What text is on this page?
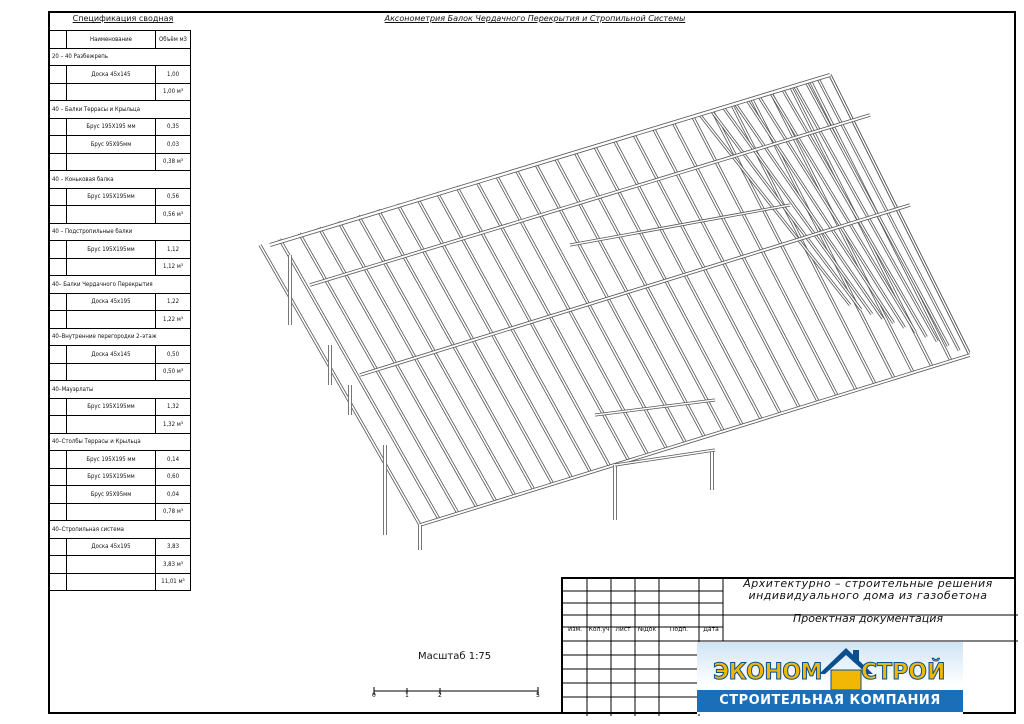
Спецификация сводная	Аксонометрия Балок Чердачного Перекрытия и Стропильной Системы
	Наименование	Объём м3
20 – 40 Разбежрепь		
	Доска 45х145	1,00
		1,00 м³
40 – Балки Террасы и Крыльца		
	Брус 195Х195 мм	0,35
	Брус 95Х95мм	0,03
		0,38 м³
40 – Коньковая балка		
	Брус 195Х195мм	0,56
		0,56 м³
40 – Подстропильные балки		
	Брус 195Х195мм	1,12
		1,12 м³
40– Балки Чердачного Перекрытия		
	Доска 45х195	1,22
		1,22 м³
40–Внутренние перегородки 2–этаж		
	Доска 45х145	0,50
		0,50 м³
40–Мауэрлаты		
	Брус 195Х195мм	1,32
		1,32 м³
40–Столбы Террасы и Крыльца		
	Брус 195Х195 мм	0,14
	Брус 195Х195мм	0,60
	Брус 95Х95мм	0,04
		0,78 м³
40–Стропильная система		
	Доска 45х195	3,83
		3,83 м³
		11,01 м³	Архитектурно – строительные решения
индивидуального дома из газобетона
Проектная документация
Изм.	Кол.уч	Лист	№Док	Подп.	Дата
Масштаб 1:75
0	1	2	5
ЭКОНОМ СТРОЙ
СТРОИТЕЛЬНАЯ КОМПАНИЯ
